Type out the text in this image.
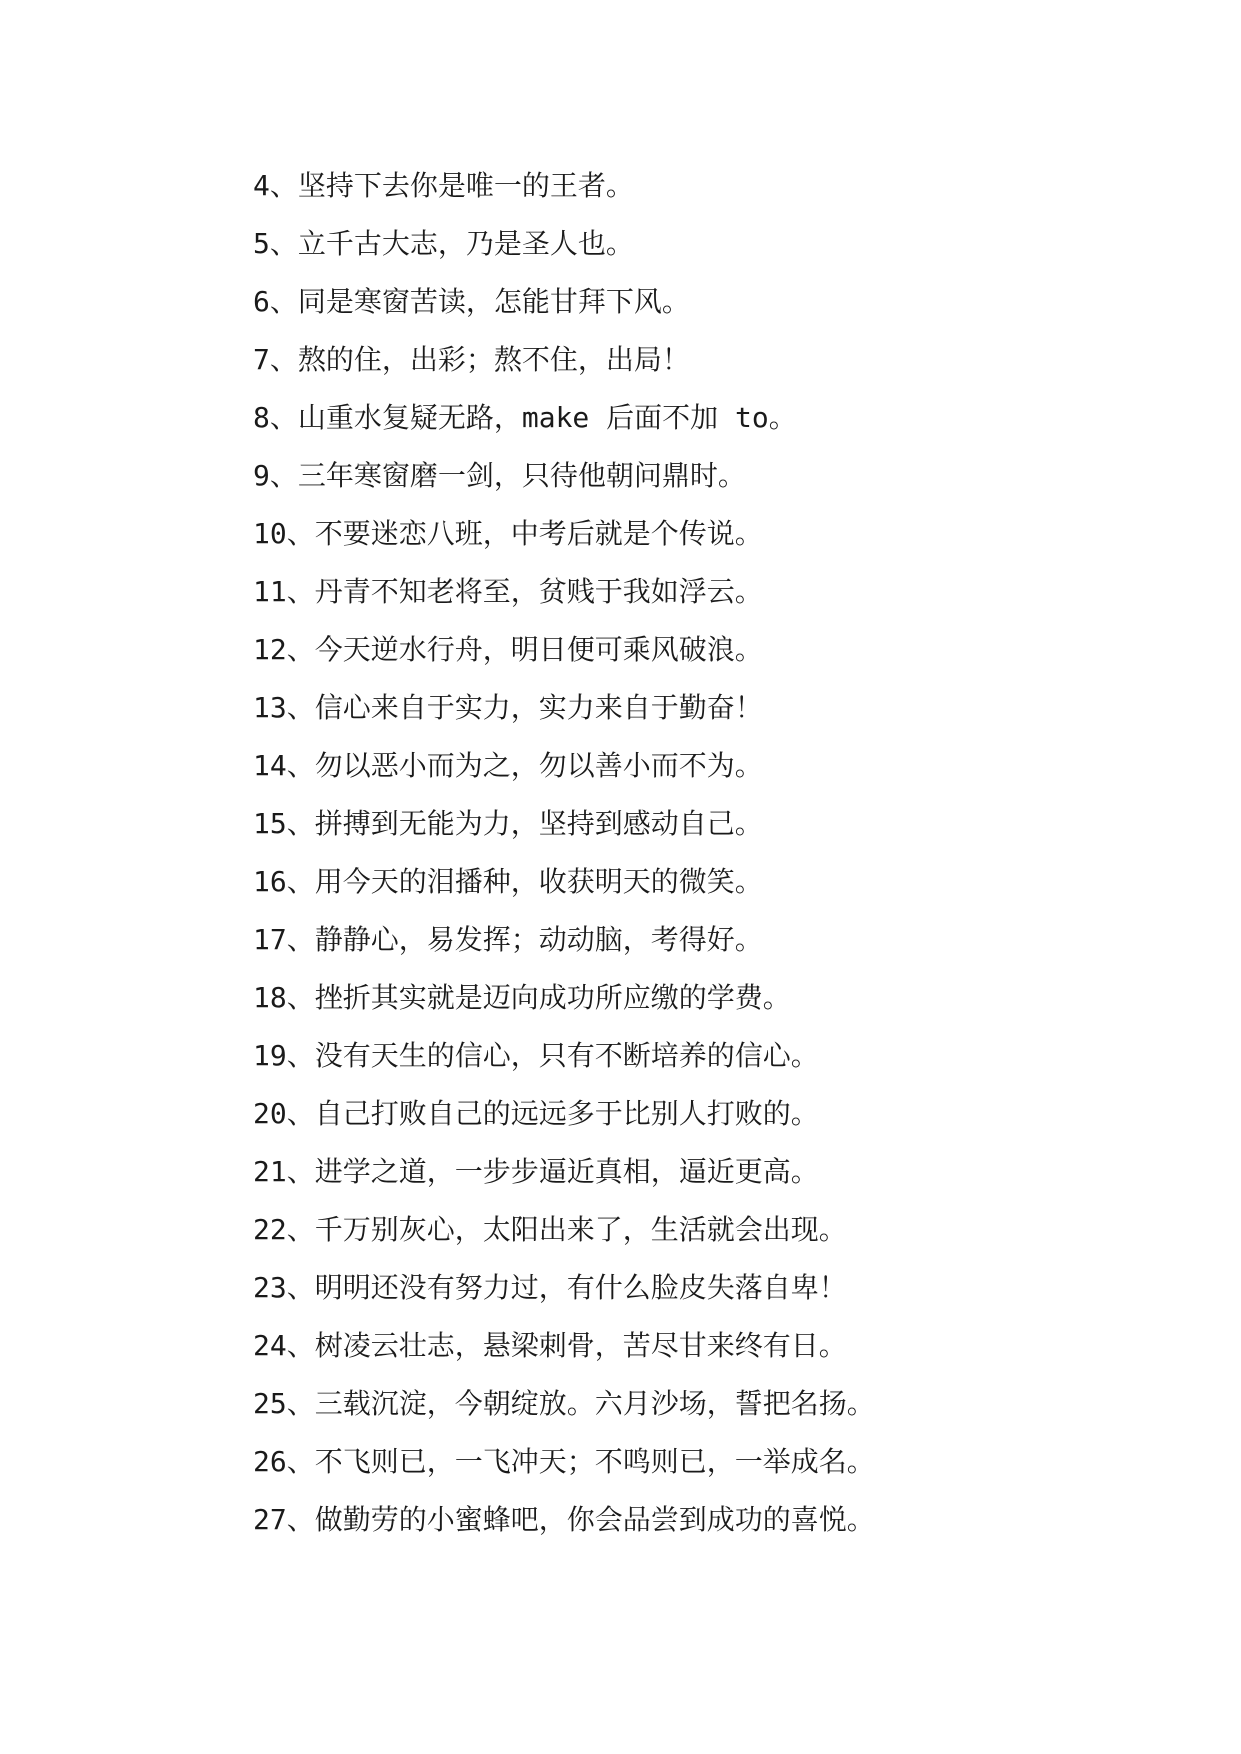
4、坚持下去你是唯一的王者。
5、立千古大志，乃是圣人也。
6、同是寒窗苦读，怎能甘拜下风。
7、熬的住，出彩；熬不住，出局！
8、山重水复疑无路，make 后面不加 to。
9、三年寒窗磨一剑，只待他朝问鼎时。
10、不要迷恋八班，中考后就是个传说。
11、丹青不知老将至，贫贱于我如浮云。
12、今天逆水行舟，明日便可乘风破浪。
13、信心来自于实力，实力来自于勤奋！
14、勿以恶小而为之，勿以善小而不为。
15、拼搏到无能为力，坚持到感动自己。
16、用今天的泪播种，收获明天的微笑。
17、静静心，易发挥；动动脑，考得好。
18、挫折其实就是迈向成功所应缴的学费。
19、没有天生的信心，只有不断培养的信心。
20、自己打败自己的远远多于比别人打败的。
21、进学之道，一步步逼近真相，逼近更高。
22、千万别灰心，太阳出来了，生活就会出现。
23、明明还没有努力过，有什么脸皮失落自卑！
24、树凌云壮志，悬梁刺骨，苦尽甘来终有日。
25、三载沉淀，今朝绽放。六月沙场，誓把名扬。
26、不飞则已，一飞冲天；不鸣则已，一举成名。
27、做勤劳的小蜜蜂吧，你会品尝到成功的喜悦。
